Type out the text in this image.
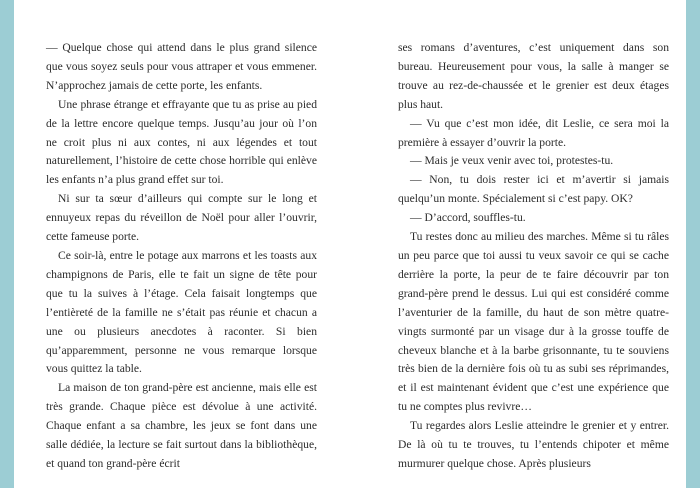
— Quelque chose qui attend dans le plus grand silence que vous soyez seuls pour vous attraper et vous emmener. N’approchez jamais de cette porte, les enfants.

Une phrase étrange et effrayante que tu as prise au pied de la lettre encore quelque temps. Jusqu’au jour où l’on ne croit plus ni aux contes, ni aux légendes et tout naturellement, l’histoire de cette chose horrible qui enlève les enfants n’a plus grand effet sur toi.

Ni sur ta sœur d’ailleurs qui compte sur le long et ennuyeux repas du réveillon de Noël pour aller l’ouvrir, cette fameuse porte.

Ce soir-là, entre le potage aux marrons et les toasts aux champignons de Paris, elle te fait un signe de tête pour que tu la suives à l’étage. Cela faisait longtemps que l’entièreté de la famille ne s’était pas réunie et chacun a une ou plusieurs anecdotes à raconter. Si bien qu’apparemment, personne ne vous remarque lorsque vous quittez la table.

La maison de ton grand-père est ancienne, mais elle est très grande. Chaque pièce est dévolue à une activité. Chaque enfant a sa chambre, les jeux se font dans une salle dédiée, la lecture se fait surtout dans la bibliothèque, et quand ton grand-père écrit

ses romans d’aventures, c’est uniquement dans son bureau. Heureusement pour vous, la salle à manger se trouve au rez-de-chaussée et le grenier est deux étages plus haut.

— Vu que c’est mon idée, dit Leslie, ce sera moi la première à essayer d’ouvrir la porte.

— Mais je veux venir avec toi, protestes-tu.

— Non, tu dois rester ici et m’avertir si jamais quelqu’un monte. Spécialement si c’est papy. OK?

— D’accord, souffles-tu.

Tu restes donc au milieu des marches. Même si tu râles un peu parce que toi aussi tu veux savoir ce qui se cache derrière la porte, la peur de te faire découvrir par ton grand-père prend le dessus. Lui qui est considéré comme l’aventurier de la famille, du haut de son mètre quatre-vingts surmonté par un visage dur à la grosse touffe de cheveux blanche et à la barbe grisonnante, tu te souviens très bien de la dernière fois où tu as subi ses réprimandes, et il est maintenant évident que c’est une expérience que tu ne comptes plus revivre…

Tu regardes alors Leslie atteindre le grenier et y entrer. De là où tu te trouves, tu l’entends chipoter et même murmurer quelque chose. Après plusieurs
